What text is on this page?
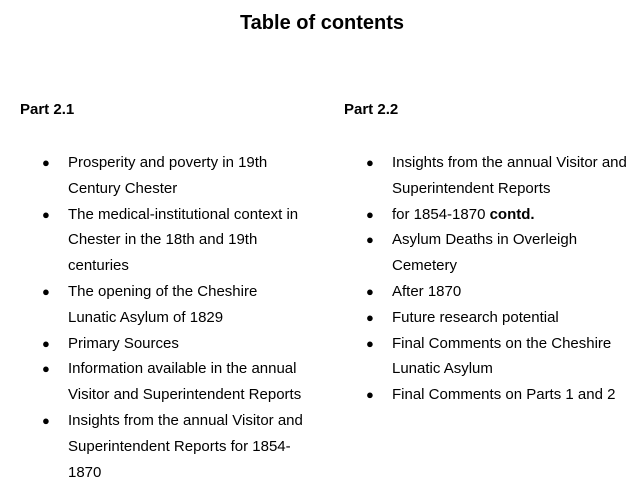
Table of contents

Part 2.1

● Prosperity and poverty in 19th Century Chester
● The medical-institutional context in Chester in the 18th and 19th centuries
● The opening of the Cheshire Lunatic Asylum of 1829
● Primary Sources
● Information available in the annual Visitor and Superintendent Reports
● Insights from the annual Visitor and Superintendent Reports for 1854-1870

Part 2.2

● Insights from the annual Visitor and Superintendent Reports
● for 1854-1870 contd.
● Asylum Deaths in Overleigh Cemetery
● After 1870
● Future research potential
● Final Comments on the Cheshire Lunatic Asylum
● Final Comments on Parts 1 and 2
